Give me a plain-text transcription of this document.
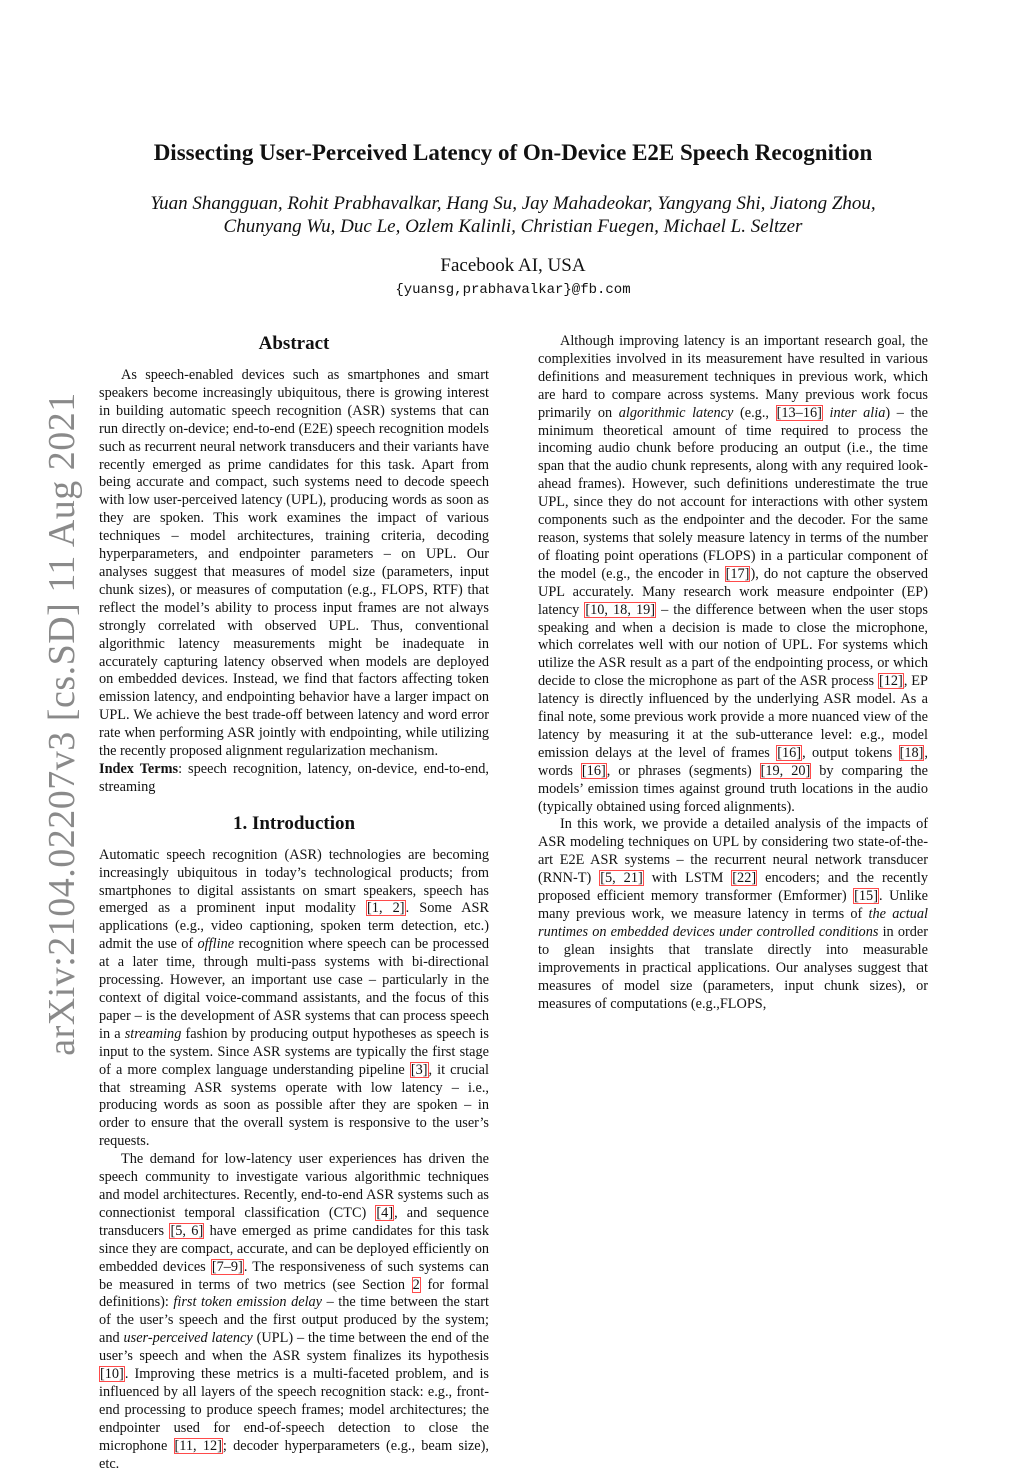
arXiv:2104.02207v3 [cs.SD] 11 Aug 2021
Dissecting User-Perceived Latency of On-Device E2E Speech Recognition
Yuan Shangguan, Rohit Prabhavalkar, Hang Su, Jay Mahadeokar, Yangyang Shi, Jiatong Zhou,
Chunyang Wu, Duc Le, Ozlem Kalinli, Christian Fuegen, Michael L. Seltzer
Facebook AI, USA
{yuansg,prabhavalkar}@fb.com
Abstract

As speech-enabled devices such as smartphones and smart speakers become increasingly ubiquitous, there is growing interest in building automatic speech recognition (ASR) systems that can run directly on-device; end-to-end (E2E) speech recognition models such as recurrent neural network transducers and their variants have recently emerged as prime candidates for this task. Apart from being accurate and compact, such systems need to decode speech with low user-perceived latency (UPL), producing words as soon as they are spoken. This work examines the impact of various techniques – model architectures, training criteria, decoding hyperparameters, and endpointer parameters – on UPL. Our analyses suggest that measures of model size (parameters, input chunk sizes), or measures of computation (e.g., FLOPS, RTF) that reflect the model’s ability to process input frames are not always strongly correlated with observed UPL. Thus, conventional algorithmic latency measurements might be inadequate in accurately capturing latency observed when models are deployed on embedded devices. Instead, we find that factors affecting token emission latency, and endpointing behavior have a larger impact on UPL. We achieve the best trade-off between latency and word error rate when performing ASR jointly with endpointing, while utilizing the recently proposed alignment regularization mechanism.

Index Terms: speech recognition, latency, on-device, end-to-end, streaming

1. Introduction

Automatic speech recognition (ASR) technologies are becoming increasingly ubiquitous in today’s technological products; from smartphones to digital assistants on smart speakers, speech has emerged as a prominent input modality [1, 2]. Some ASR applications (e.g., video captioning, spoken term detection, etc.) admit the use of offline recognition where speech can be processed at a later time, through multi-pass systems with bi-directional processing. However, an important use case – particularly in the context of digital voice-command assistants, and the focus of this paper – is the development of ASR systems that can process speech in a streaming fashion by producing output hypotheses as speech is input to the system. Since ASR systems are typically the first stage of a more complex language understanding pipeline [3], it crucial that streaming ASR systems operate with low latency – i.e., producing words as soon as possible after they are spoken – in order to ensure that the overall system is responsive to the user’s requests.

The demand for low-latency user experiences has driven the speech community to investigate various algorithmic techniques and model architectures. Recently, end-to-end ASR systems such as connectionist temporal classification (CTC) [4], and sequence transducers [5, 6] have emerged as prime candidates for this task since they are compact, accurate, and can be deployed efficiently on embedded devices [7–9]. The responsiveness of such systems can be measured in terms of two metrics (see Section 2 for formal definitions): first token emission delay – the time between the start of the user’s speech and the first output produced by the system; and user-perceived latency (UPL) – the time between the end of the user’s speech and when the ASR system finalizes its hypothesis [10]. Improving these metrics is a multi-faceted problem, and is influenced by all layers of the speech recognition stack: e.g., front-end processing to produce speech frames; model architectures; the endpointer used for end-of-speech detection to close the microphone [11, 12]; decoder hyperparameters (e.g., beam size), etc.

Although improving latency is an important research goal, the complexities involved in its measurement have resulted in various definitions and measurement techniques in previous work, which are hard to compare across systems. Many previous work focus primarily on algorithmic latency (e.g., [13–16] inter alia) – the minimum theoretical amount of time required to process the incoming audio chunk before producing an output (i.e., the time span that the audio chunk represents, along with any required look-ahead frames). However, such definitions underestimate the true UPL, since they do not account for interactions with other system components such as the endpointer and the decoder. For the same reason, systems that solely measure latency in terms of the number of floating point operations (FLOPS) in a particular component of the model (e.g., the encoder in [17]), do not capture the observed UPL accurately. Many research work measure endpointer (EP) latency [10, 18, 19] – the difference between when the user stops speaking and when a decision is made to close the microphone, which correlates well with our notion of UPL. For systems which utilize the ASR result as a part of the endpointing process, or which decide to close the microphone as part of the ASR process [12], EP latency is directly influenced by the underlying ASR model. As a final note, some previous work provide a more nuanced view of the latency by measuring it at the sub-utterance level: e.g., model emission delays at the level of frames [16], output tokens [18], words [16], or phrases (segments) [19, 20] by comparing the models’ emission times against ground truth locations in the audio (typically obtained using forced alignments).

In this work, we provide a detailed analysis of the impacts of ASR modeling techniques on UPL by considering two state-of-the-art E2E ASR systems – the recurrent neural network transducer (RNN-T) [5, 21] with LSTM [22] encoders; and the recently proposed efficient memory transformer (Emformer) [15]. Unlike many previous work, we measure latency in terms of the actual runtimes on embedded devices under controlled conditions in order to glean insights that translate directly into measurable improvements in practical applications. Our analyses suggest that measures of model size (parameters, input chunk sizes), or measures of computations (e.g.,FLOPS,
